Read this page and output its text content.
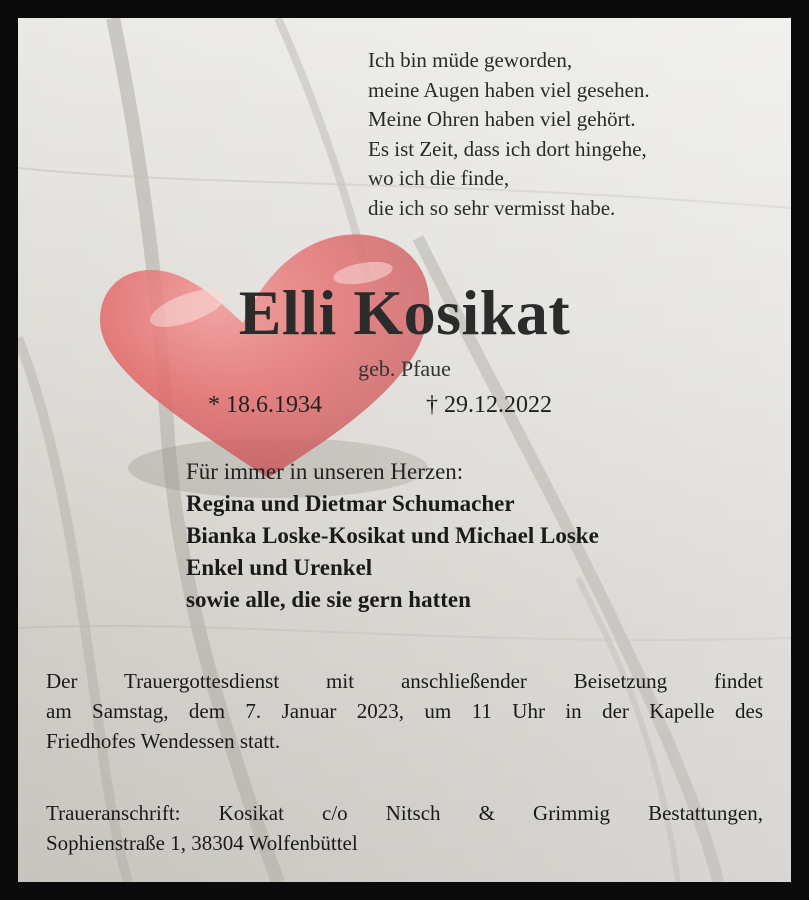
Ich bin müde geworden,
meine Augen haben viel gesehen.
Meine Ohren haben viel gehört.
Es ist Zeit, dass ich dort hingehe,
wo ich die finde,
die ich so sehr vermisst habe.
Elli Kosikat
geb. Pfaue
* 18.6.1934	† 29.12.2022
Für immer in unseren Herzen:
Regina und Dietmar Schumacher
Bianka Loske-Kosikat und Michael Loske
Enkel und Urenkel
sowie alle, die sie gern hatten
Der Trauergottesdienst mit anschließender Beisetzung findet
am Samstag, dem 7. Januar 2023, um 11 Uhr in der Kapelle des
Friedhofes Wendessen statt.
Traueranschrift: Kosikat c/o Nitsch & Grimmig Bestattungen,
Sophienstraße 1, 38304 Wolfenbüttel
